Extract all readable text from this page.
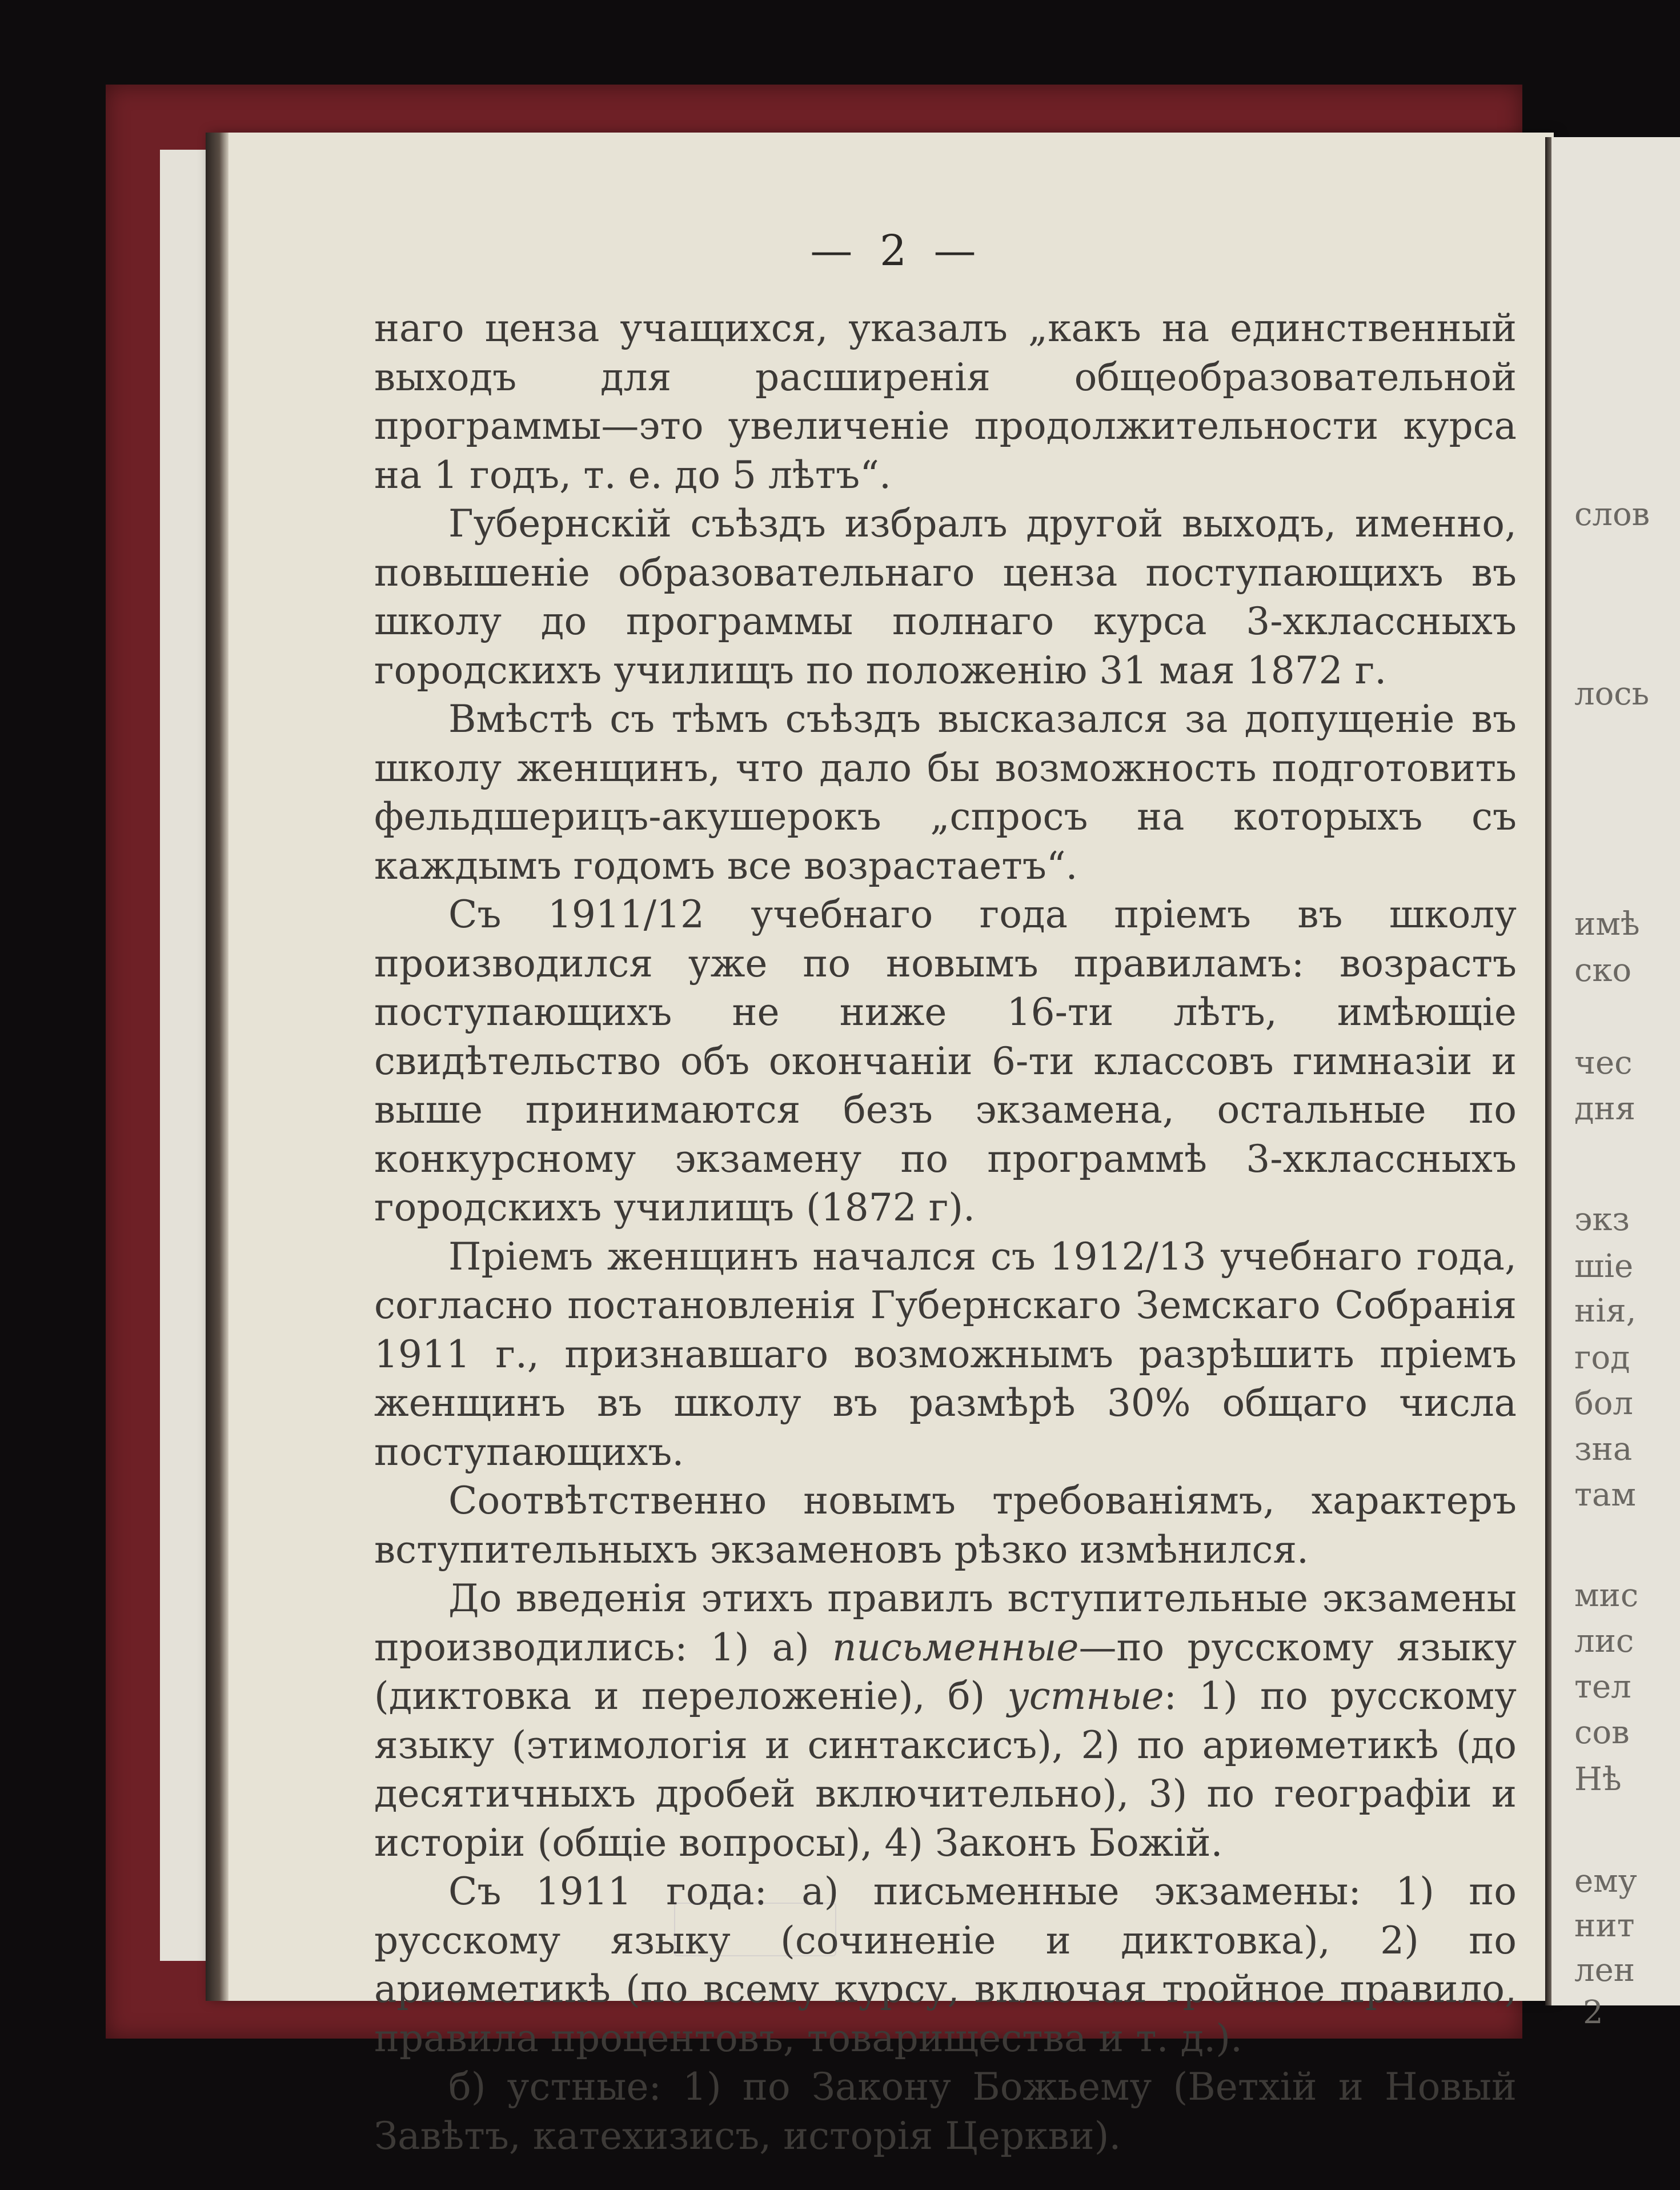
слов
лось
имѣ
ско
чес
дня
экз
шіе
нія,
год
бол
зна
там
мис
лис
тел
сов
Нѣ
ему
нит
лен
2
— 2 —

наго ценза учащихся, указалъ „какъ на единственный выходъ для расширенія общеобразовательной программы—это увеличеніе продолжительности курса на 1 годъ, т. е. до 5 лѣтъ“.

Губернскій съѣздъ избралъ другой выходъ, именно, повышеніе образовательнаго ценза поступающихъ въ школу до программы полнаго курса 3-хклассныхъ городскихъ училищъ по положенію 31 мая 1872 г.

Вмѣстѣ съ тѣмъ съѣздъ высказался за допущеніе въ школу женщинъ, что дало бы возможность подготовить фельдшерицъ-акушерокъ „спросъ на которыхъ съ каждымъ годомъ все возрастаетъ“.

Съ 1911/12 учебнаго года пріемъ въ школу производился уже по новымъ правиламъ: возрастъ поступающихъ не ниже 16-ти лѣтъ, имѣющіе свидѣтельство объ окончаніи 6-ти классовъ гимназіи и выше принимаются безъ экзамена, остальные по конкурсному экзамену по программѣ 3-хклассныхъ городскихъ училищъ (1872 г).

Пріемъ женщинъ начался съ 1912/13 учебнаго года, согласно постановленія Губернскаго Земскаго Собранія 1911 г., признавшаго возможнымъ разрѣшить пріемъ женщинъ въ школу въ размѣрѣ 30% общаго числа поступающихъ.

Соотвѣтственно новымъ требованіямъ, характеръ вступительныхъ экзаменовъ рѣзко измѣнился.

До введенія этихъ правилъ вступительные экзамены производились: 1) а) письменные—по русскому языку (диктовка и переложеніе), б) устные: 1) по русскому языку (этимологія и синтаксисъ), 2) по ариѳметикѣ (до десятичныхъ дробей включительно), 3) по географіи и исторіи (общіе вопросы), 4) Законъ Божій.

Съ 1911 года: а) письменные экзамены: 1) по русскому языку (сочиненіе и диктовка), 2) по ариѳметикѣ (по всему курсу, включая тройное правило, правила процентовъ, товарищества и т. д.).

б) устные: 1) по Закону Божьему (Ветхій и Новый Завѣтъ, катехизисъ, исторія Церкви).
